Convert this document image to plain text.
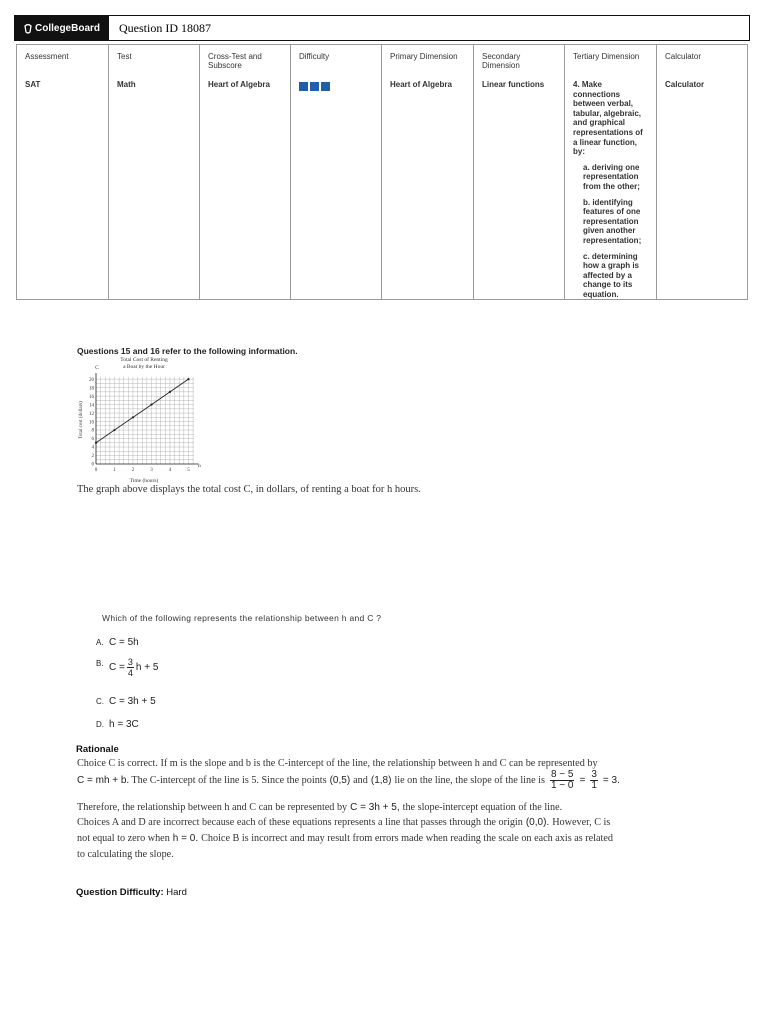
CollegeBoard	Question ID 18087
Assessment	Test	Cross-Test and Subscore	Difficulty	Primary Dimension	Secondary Dimension	Tertiary Dimension	Calculator
SAT	Math	Heart of Algebra		Heart of Algebra	Linear functions	4. Make connections between verbal, tabular, algebraic, and graphical representations of a linear function, by:
a. deriving one representation from the other;
b. identifying features of one representation given another representation;
c. determining how a graph is affected by a change to its equation.	Calculator
Questions 15 and 16 refer to the following information.
Total Cost of Renting
a Boat by the Hour
C
h
Total cost (dollars)
Time (hours)
0	1	2	3	4	5
0
2
4
6
8
10
12
14
16
18
20
The graph above displays the total cost C, in dollars, of renting a boat for h hours.
Which of the following represents the relationship between h and C ?
A. C = 5h
B. $C = \frac{3}{4}$ h + 5
C. C = 3h + 5
D. h = 3C
Rationale
Choice C is correct. If m is the slope and b is the C-intercept of the line, the relationship between h and C can be represented by
C = mh + b . The C-intercept of the line is 5. Since the points (0,5) and (1,8) lie on the line, the slope of the line is $\frac{8 - 5}{1 - 0} = \frac{3}{1} = 3$.
Therefore, the relationship between h and C can be represented by C = 3h + 5, the slope-intercept equation of the line.
Choices A and D are incorrect because each of these equations represents a line that passes through the origin (0,0). However, C is
not equal to zero when h = 0. Choice B is incorrect and may result from errors made when reading the scale on each axis as related
to calculating the slope.
Question Difficulty: Hard
